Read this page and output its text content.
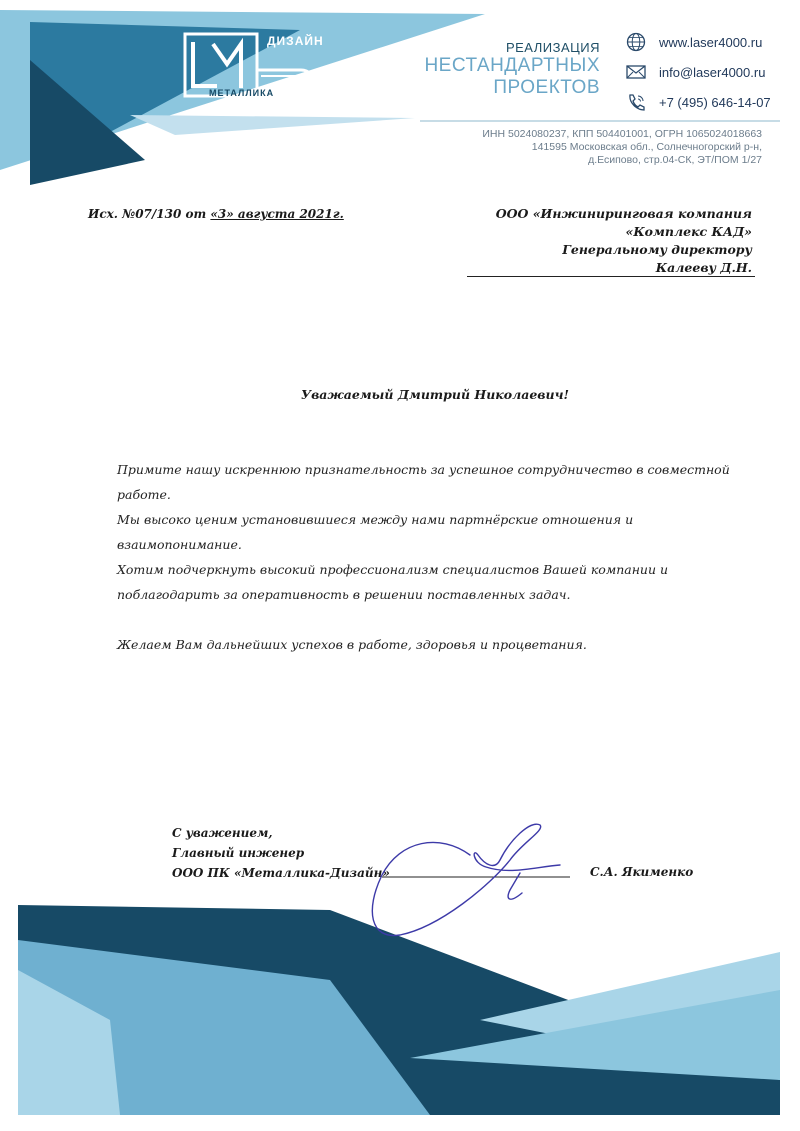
ДИЗАЙН
МЕТАЛЛИКА
РЕАЛИЗАЦИЯ
НЕСТАНДАРТНЫХ
ПРОЕКТОВ
www.laser4000.ru
info@laser4000.ru
+7 (495) 646-14-07
ИНН 5024080237, КПП 504401001, ОГРН 1065024018663
141595 Московская обл., Солнечногорский р-н,
д.Есипово, стр.04-СК, ЭТ/ПОМ 1/27
Исх. №07/130 от «3» августа 2021г.	ООО «Инжиниринговая компания
«Комплекс КАД»
Генеральному директору
Калееву Д.Н.
Уважаемый Дмитрий Николаевич!

Примите нашу искреннюю признательность за успешное сотрудничество в совместной работе.

Мы высоко ценим установившиеся между нами партнёрские отношения и взаимопонимание.

Хотим подчеркнуть высокий профессионализм специалистов Вашей компании и поблагодарить за оперативность в решении поставленных задач.

Желаем Вам дальнейших успехов в работе, здоровья и процветания.

С уважением,
Главный инженер
ООО ПК «Металлика-Дизайн»	С.А. Якименко
